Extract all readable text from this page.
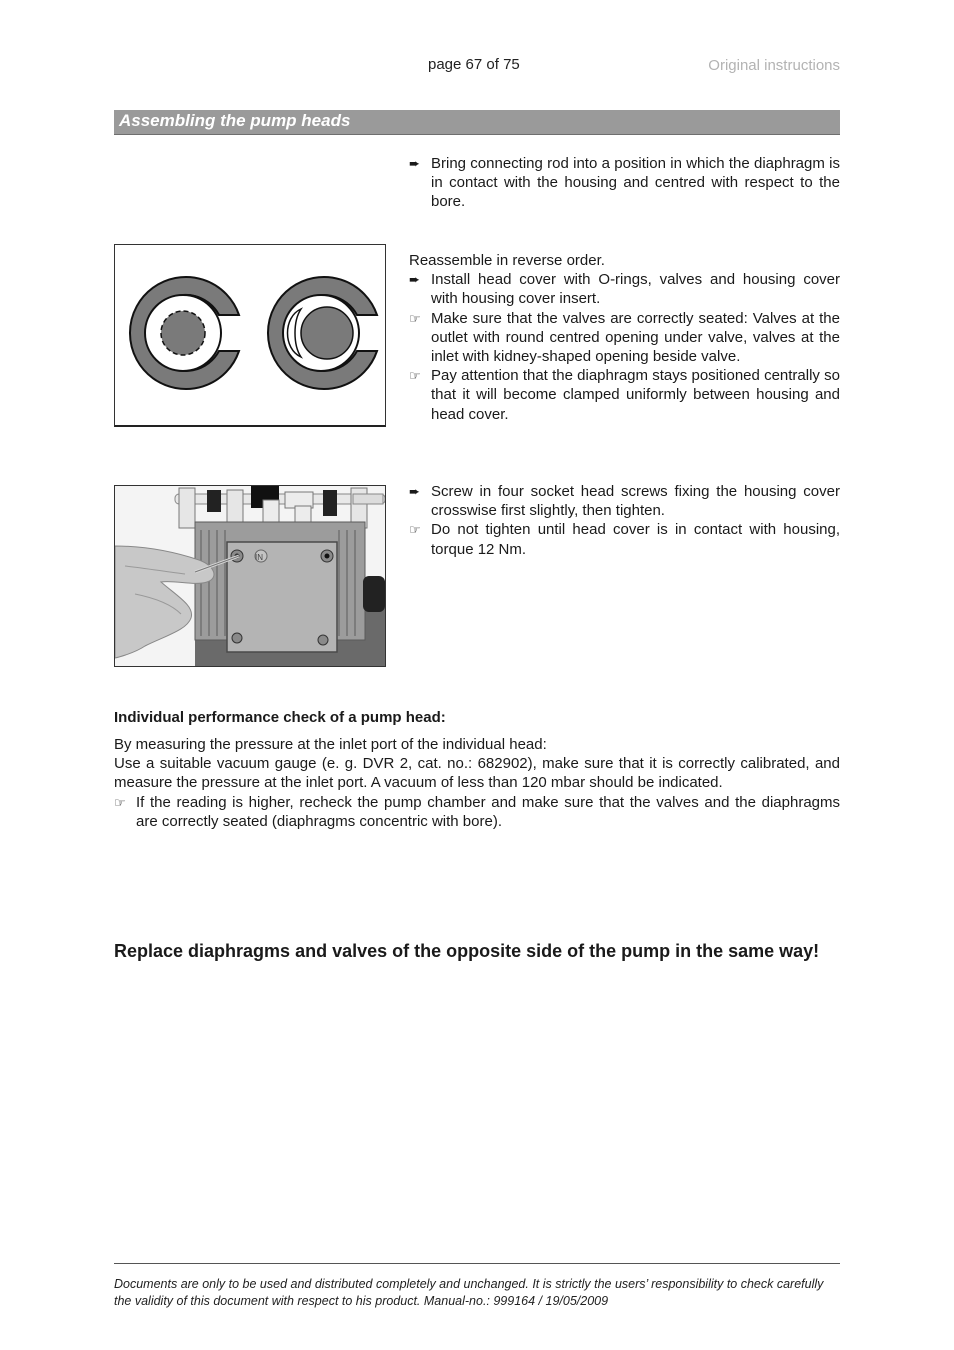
page 67 of 75	Original instructions
Assembling the pump heads
➨ Bring connecting rod into a position in which the diaphragm is in contact with the housing and centred with respect to the bore.
Reassemble in reverse order.
➨ Install head cover with O-rings, valves and housing cover with housing cover insert.
☞ Make sure that the valves are correctly seated: Valves at the outlet with round centred opening under valve, valves at the inlet with kidney-shaped opening beside valve.
☞ Pay attention that the diaphragm stays positioned centrally so that it will become clamped uniformly between housing and head cover.
IN
➨ Screw in four socket head screws fixing the housing cover crosswise first slightly, then tighten.
☞ Do not tighten until head cover is in contact with housing, torque 12 Nm.
Individual performance check of a pump head:
By measuring the pressure at the inlet port of the individual head:
Use a suitable vacuum gauge (e. g. DVR 2, cat. no.: 682902), make sure that it is correctly calibrated, and measure the pressure at the inlet port. A vacuum of less than 120 mbar should be indicated.
☞ If the reading is higher, recheck the pump chamber and make sure that the valves and the diaphragms are correctly seated (diaphragms concentric with bore).
Replace diaphragms and valves of the opposite side of the pump in the same way!
Documents are only to be used and distributed completely and unchanged. It is strictly the users’ responsibility to check carefully the validity of this document with respect to his product. Manual-no.: 999164 / 19/05/2009
